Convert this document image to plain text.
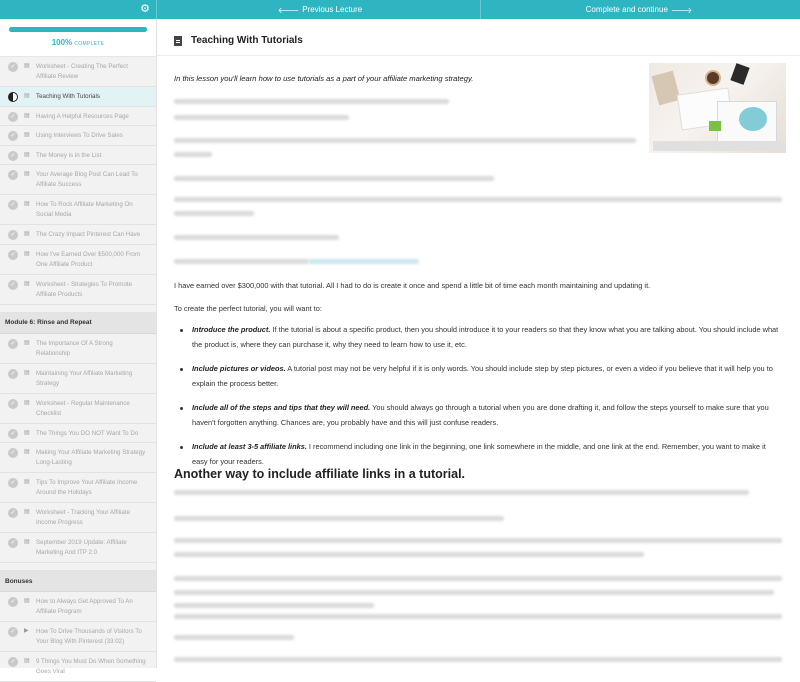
⚙	🡐 Previous Lecture	Complete and continue 🡒
100% COMPLETE
✓	▤	Worksheet - Creating The Perfect Affiliate Review
▤	Teaching With Tutorials
✓	▤	Having A Helpful Resources Page
✓	▤	Using Interviews To Drive Sales
✓	▤	The Money is in the List
✓	▤	Your Average Blog Post Can Lead To Affiliate Success
✓	▤	How To Rock Affiliate Marketing On Social Media
✓	▤	The Crazy Impact Pinterest Can Have
✓	▤	How I've Earned Over $500,000 From One Affiliate Product
✓	▤	Worksheet - Strategies To Promote Affiliate Products
Module 6: Rinse and Repeat
✓	▤	The Importance Of A Strong Relationship
✓	▤	Maintaining Your Affiliate Marketing Strategy
✓	▤	Worksheet - Regular Maintenance Checklist
✓	▤	The Things You DO NOT Want To Do
✓	▤	Making Your Affiliate Marketing Strategy Long-Lasting
✓	▤	Tips To Improve Your Affiliate Income Around the Holidays
✓	▤	Worksheet - Tracking Your Affiliate Income Progress
✓	▤	September 2019 Update: Affiliate Marketing And ITP 2.0
Bonuses
✓	▤	How to Always Get Approved To An Affiliate Program
✓	▶	How To Drive Thousands of Visitors To Your Blog With Pinterest (33:02)
✓	▤	9 Things You Must Do When Something Goes Viral
Teaching With Tutorials
In this lesson you'll learn how to use tutorials as a part of your affiliate marketing strategy.
I have earned over $300,000 with that tutorial. All I had to do is create it once and spend a little bit of time each month maintaining and updating it.
To create the perfect tutorial, you will want to:
Introduce the product. If the tutorial is about a specific product, then you should introduce it to your readers so that they know what you are talking about. You should include what the product is, where they can purchase it, why they need to learn how to use it, etc.
Include pictures or videos. A tutorial post may not be very helpful if it is only words. You should include step by step pictures, or even a video if you believe that it will help you to explain the process better.
Include all of the steps and tips that they will need. You should always go through a tutorial when you are done drafting it, and follow the steps yourself to make sure that you haven't forgotten anything. Chances are, you probably have and this will just confuse readers.
Include at least 3-5 affiliate links. I recommend including one link in the beginning, one link somewhere in the middle, and one link at the end. Remember, you want to make it easy for your readers.
Another way to include affiliate links in a tutorial.
